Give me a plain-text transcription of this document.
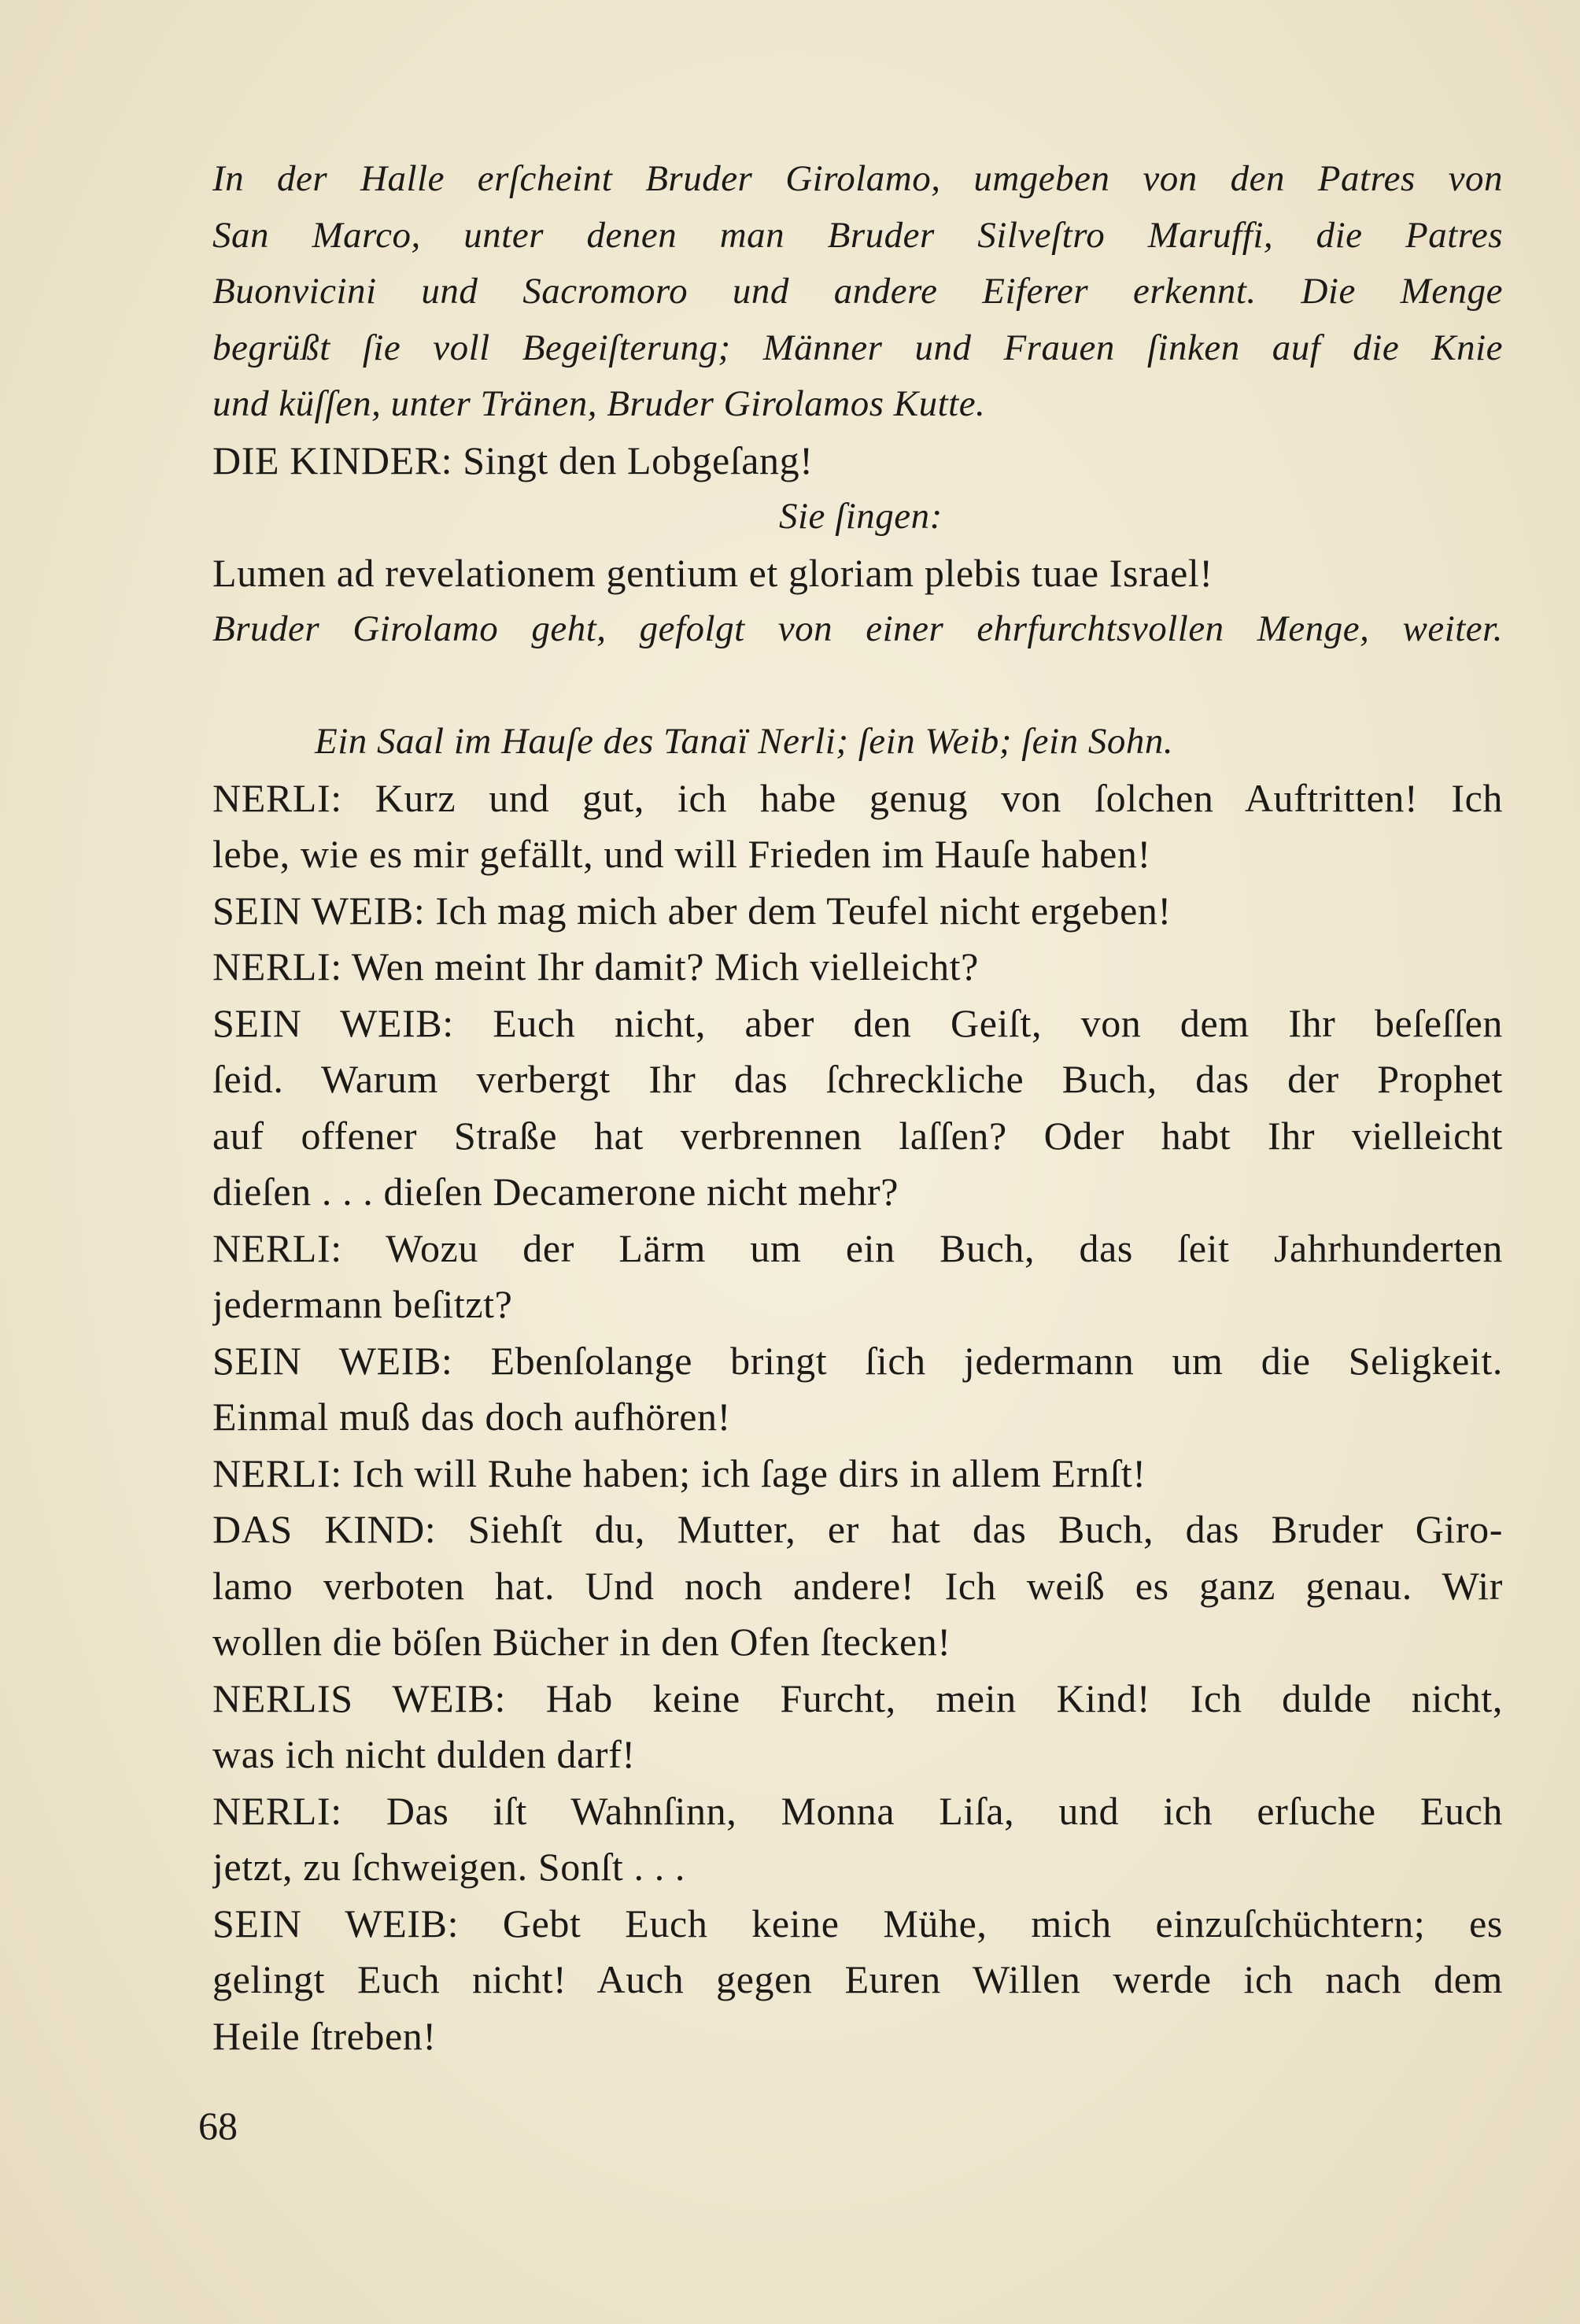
In der Halle erſcheint Bruder Girolamo, umgeben von den Patres von
San Marco, unter denen man Bruder Silveſtro Maruffi, die Patres
Buonvicini und Sacromoro und andere Eiferer erkennt. Die Menge
begrüßt ſie voll Begeiſterung; Männer und Frauen ſinken auf die Knie
und küſſen, unter Tränen, Bruder Girolamos Kutte.
DIE KINDER: Singt den Lobgeſang!
Sie ſingen:
Lumen ad revelationem gentium et gloriam plebis tuae Israel!
Bruder Girolamo geht, gefolgt von einer ehrfurchtsvollen Menge, weiter.
Ein Saal im Hauſe des Tanaï Nerli; ſein Weib; ſein Sohn.
NERLI: Kurz und gut, ich habe genug von ſolchen Auftritten! Ich
lebe, wie es mir gefällt, und will Frieden im Hauſe haben!
SEIN WEIB: Ich mag mich aber dem Teufel nicht ergeben!
NERLI: Wen meint Ihr damit? Mich vielleicht?
SEIN WEIB: Euch nicht, aber den Geiſt, von dem Ihr beſeſſen
ſeid. Warum verbergt Ihr das ſchreckliche Buch, das der Prophet
auf offener Straße hat verbrennen laſſen? Oder habt Ihr vielleicht
dieſen . . . dieſen Decamerone nicht mehr?
NERLI: Wozu der Lärm um ein Buch, das ſeit Jahrhunderten
jedermann beſitzt?
SEIN WEIB: Ebenſolange bringt ſich jedermann um die Seligkeit.
Einmal muß das doch aufhören!
NERLI: Ich will Ruhe haben; ich ſage dirs in allem Ernſt!
DAS KIND: Siehſt du, Mutter, er hat das Buch, das Bruder Giro-
lamo verboten hat. Und noch andere! Ich weiß es ganz genau. Wir
wollen die böſen Bücher in den Ofen ſtecken!
NERLIS WEIB: Hab keine Furcht, mein Kind! Ich dulde nicht,
was ich nicht dulden darf!
NERLI: Das iſt Wahnſinn, Monna Liſa, und ich erſuche Euch
jetzt, zu ſchweigen. Sonſt . . .
SEIN WEIB: Gebt Euch keine Mühe, mich einzuſchüchtern; es
gelingt Euch nicht! Auch gegen Euren Willen werde ich nach dem
Heile ſtreben!
68
